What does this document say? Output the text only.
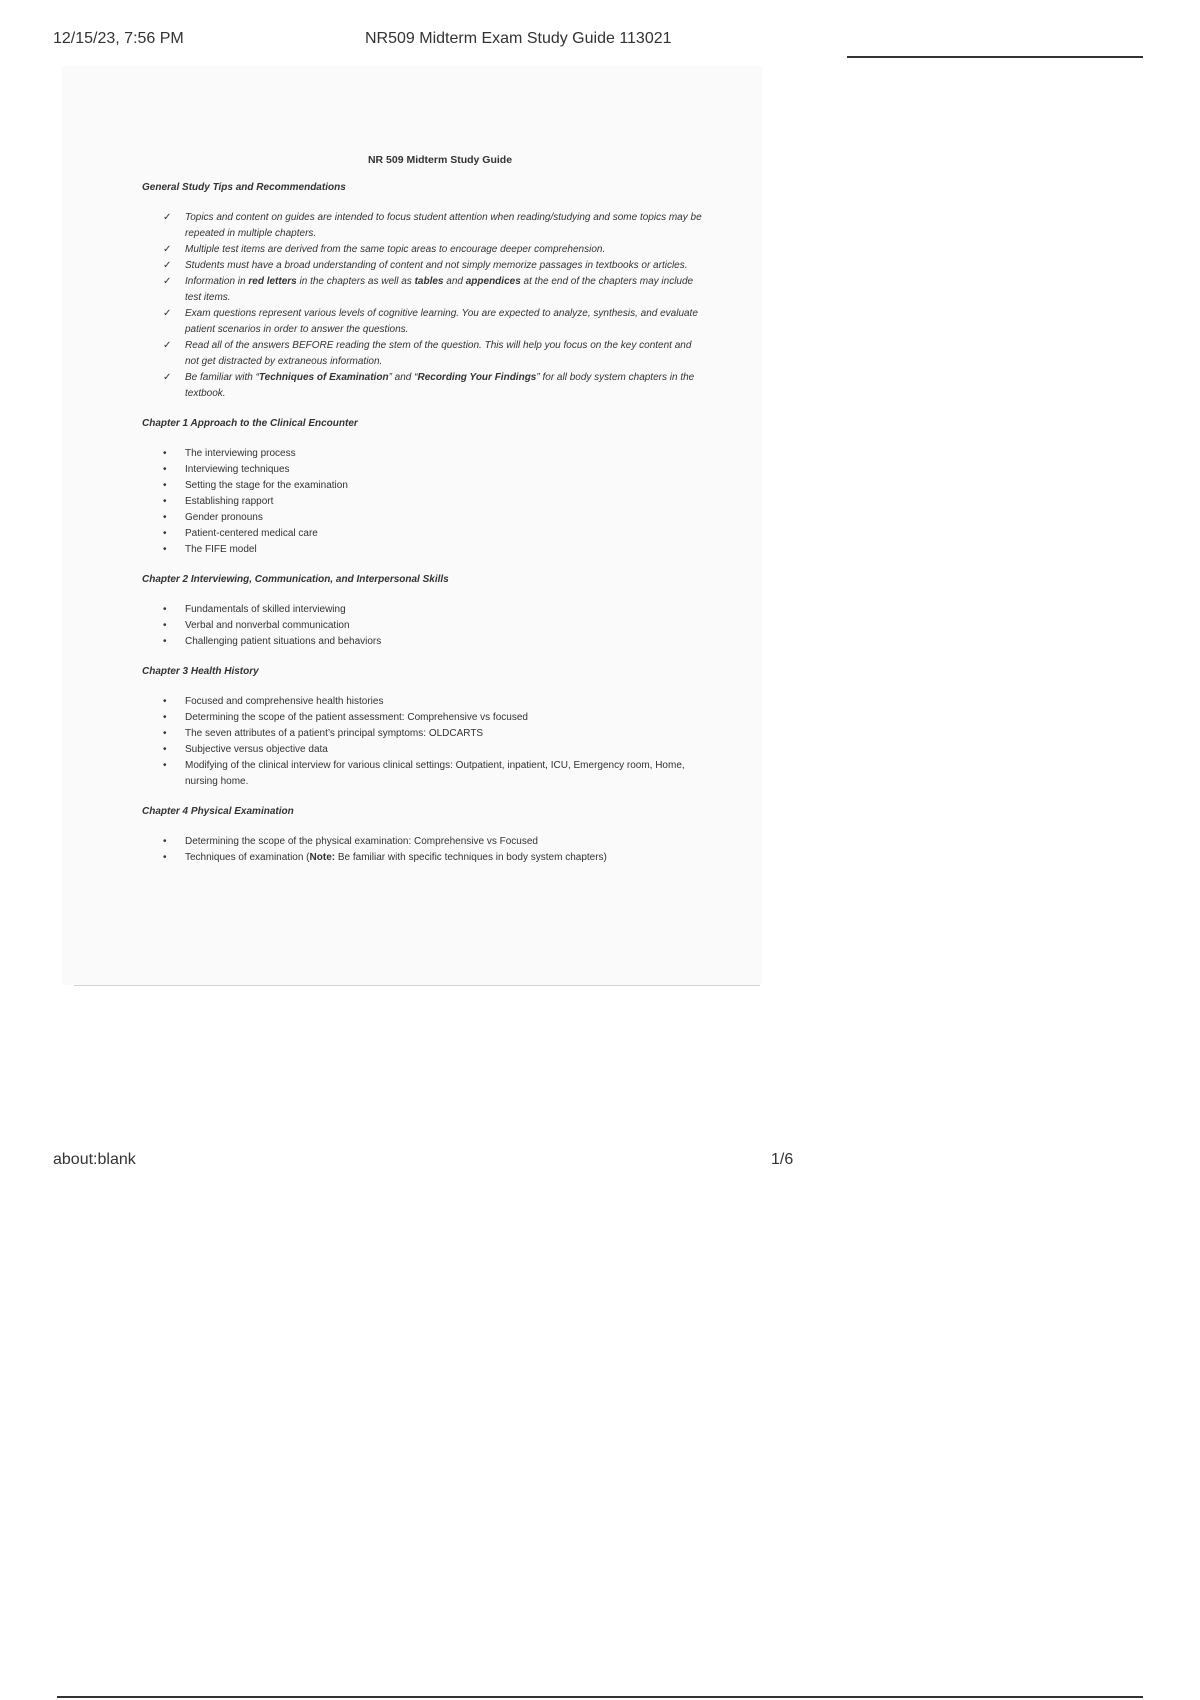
12/15/23, 7:56 PM	NR509 Midterm Exam Study Guide 113021
NR 509 Midterm Study Guide
General Study Tips and Recommendations
✓ Topics and content on guides are intended to focus student attention when reading/studying and some topics may be repeated in multiple chapters.
✓ Multiple test items are derived from the same topic areas to encourage deeper comprehension.
✓ Students must have a broad understanding of content and not simply memorize passages in textbooks or articles.
✓ Information in red letters in the chapters as well as tables and appendices at the end of the chapters may include test items.
✓ Exam questions represent various levels of cognitive learning. You are expected to analyze, synthesis, and evaluate patient scenarios in order to answer the questions.
✓ Read all of the answers BEFORE reading the stem of the question. This will help you focus on the key content and not get distracted by extraneous information.
✓ Be familiar with “Techniques of Examination” and “Recording Your Findings” for all body system chapters in the textbook.
Chapter 1 Approach to the Clinical Encounter
• The interviewing process
• Interviewing techniques
• Setting the stage for the examination
• Establishing rapport
• Gender pronouns
• Patient-centered medical care
• The FIFE model
Chapter 2 Interviewing, Communication, and Interpersonal Skills
• Fundamentals of skilled interviewing
• Verbal and nonverbal communication
• Challenging patient situations and behaviors
Chapter 3 Health History
• Focused and comprehensive health histories
• Determining the scope of the patient assessment: Comprehensive vs focused
• The seven attributes of a patient’s principal symptoms: OLDCARTS
• Subjective versus objective data
• Modifying of the clinical interview for various clinical settings: Outpatient, inpatient, ICU, Emergency room, Home, nursing home.
Chapter 4 Physical Examination
• Determining the scope of the physical examination: Comprehensive vs Focused
• Techniques of examination (Note: Be familiar with specific techniques in body system chapters)
about:blank	1/6
